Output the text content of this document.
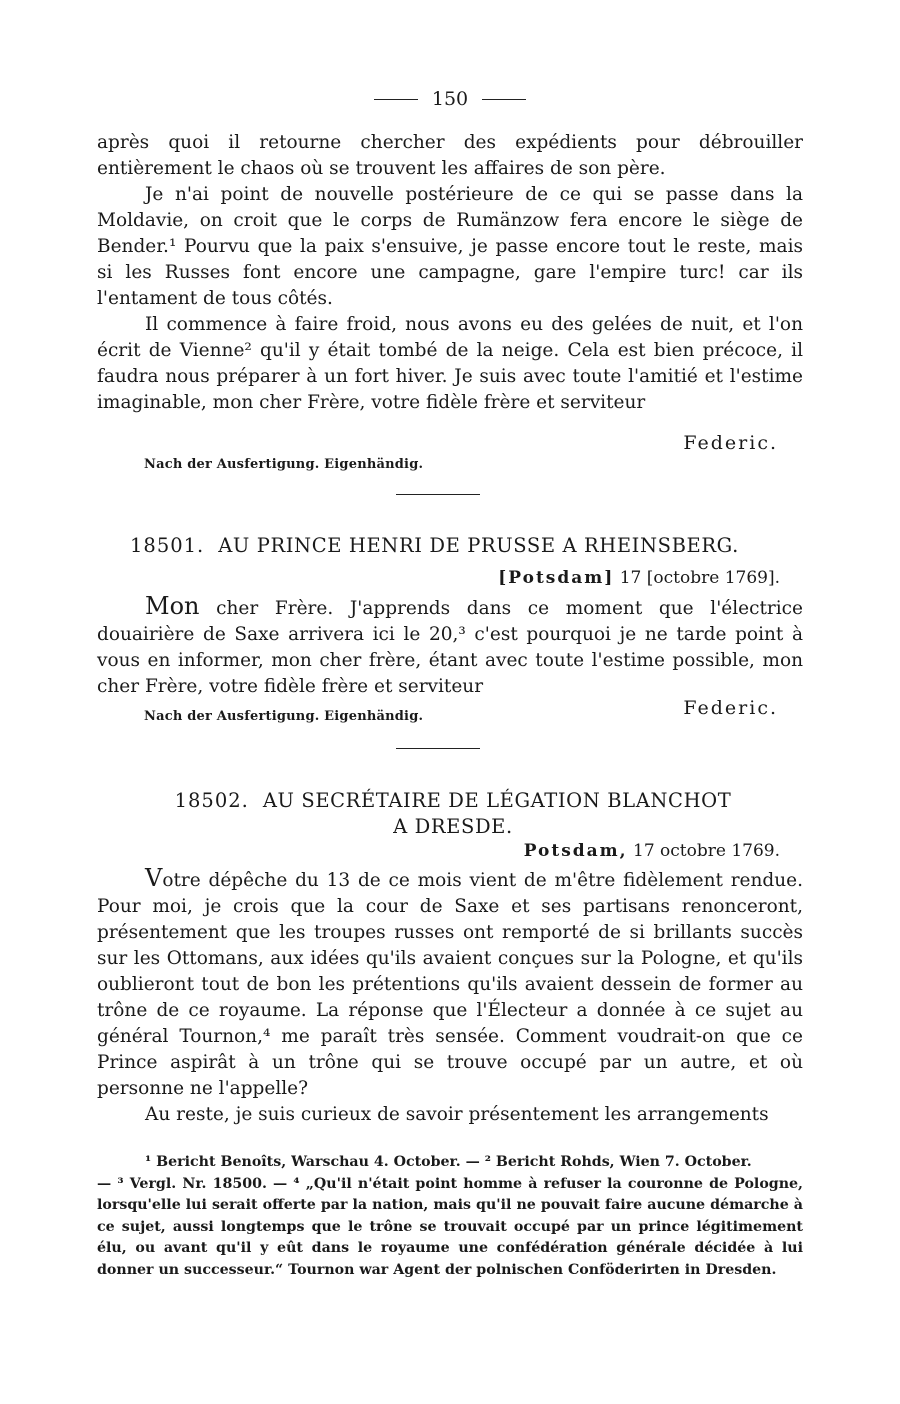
150

après quoi il retourne chercher des expédients pour débrouiller entièrement le chaos où se trouvent les affaires de son père.

Je n'ai point de nouvelle postérieure de ce qui se passe dans la Moldavie, on croit que le corps de Rumänzow fera encore le siège de Bender.¹ Pourvu que la paix s'ensuive, je passe encore tout le reste, mais si les Russes font encore une campagne, gare l'empire turc! car ils l'entament de tous côtés.

Il commence à faire froid, nous avons eu des gelées de nuit, et l'on écrit de Vienne² qu'il y était tombé de la neige. Cela est bien précoce, il faudra nous préparer à un fort hiver. Je suis avec toute l'amitié et l'estime imaginable, mon cher Frère, votre fidèle frère et serviteur

Federic.
Nach der Ausfertigung. Eigenhändig.
18501. AU PRINCE HENRI DE PRUSSE A RHEINSBERG.
[Potsdam] 17 [octobre 1769].

Mon cher Frère. J'apprends dans ce moment que l'électrice douairière de Saxe arrivera ici le 20,³ c'est pourquoi je ne tarde point à vous en informer, mon cher frère, étant avec toute l'estime possible, mon cher Frère, votre fidèle frère et serviteur

Federic.
Nach der Ausfertigung. Eigenhändig.
18502. AU SECRÉTAIRE DE LÉGATION BLANCHOT
A DRESDE.
Potsdam, 17 octobre 1769.

Votre dépêche du 13 de ce mois vient de m'être fidèlement rendue. Pour moi, je crois que la cour de Saxe et ses partisans renonceront, présentement que les troupes russes ont remporté de si brillants succès sur les Ottomans, aux idées qu'ils avaient conçues sur la Pologne, et qu'ils oublieront tout de bon les prétentions qu'ils avaient dessein de former au trône de ce royaume. La réponse que l'Électeur a donnée à ce sujet au général Tournon,⁴ me paraît très sensée. Comment voudrait-on que ce Prince aspirât à un trône qui se trouve occupé par un autre, et où personne ne l'appelle?

Au reste, je suis curieux de savoir présentement les arrangements

¹ Bericht Benoîts, Warschau 4. October. — ² Bericht Rohds, Wien 7. October.

— ³ Vergl. Nr. 18500. — ⁴ „Qu'il n'était point homme à refuser la couronne de Pologne, lorsqu'elle lui serait offerte par la nation, mais qu'il ne pouvait faire aucune démarche à ce sujet, aussi longtemps que le trône se trouvait occupé par un prince légitimement élu, ou avant qu'il y eût dans le royaume une confédération générale décidée à lui donner un successeur.“ Tournon war Agent der polnischen Conföderirten in Dresden.
